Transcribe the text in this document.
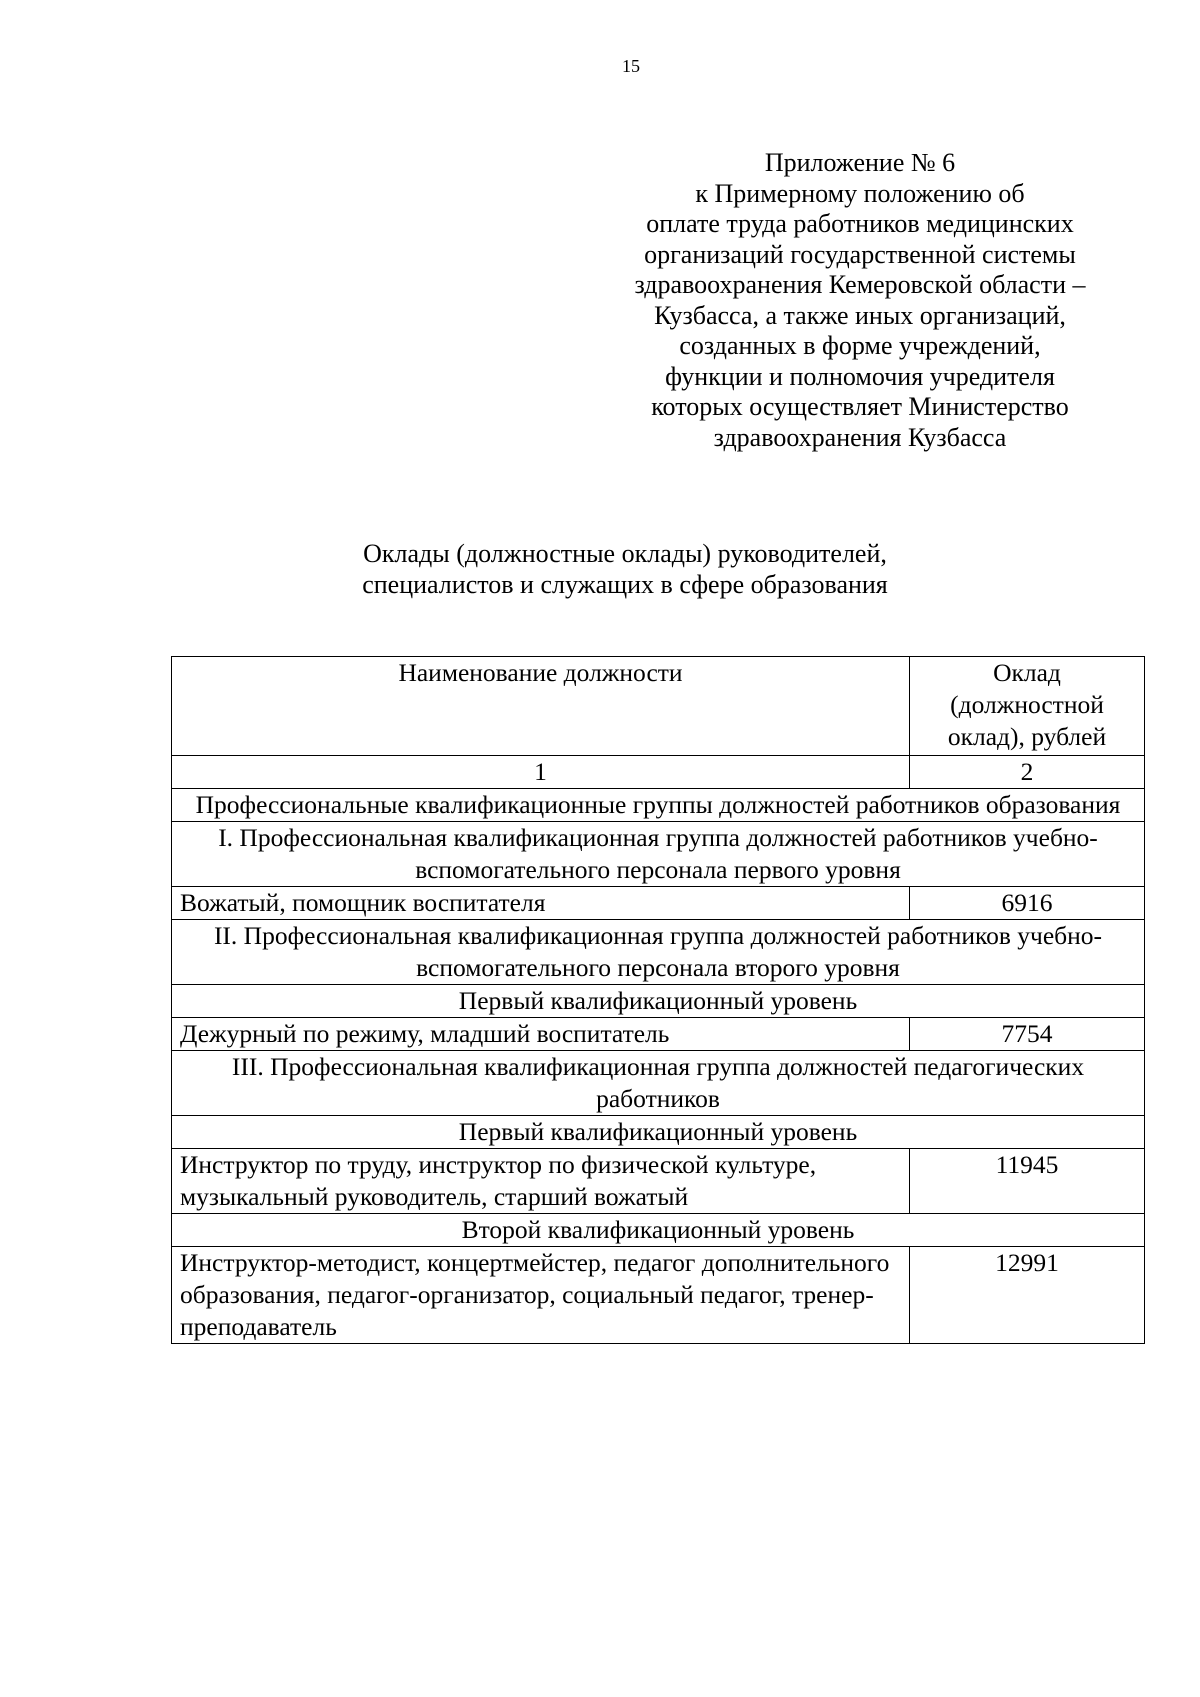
15
Приложение № 6
к Примерному положению об
оплате труда работников медицинских
организаций государственной системы
здравоохранения Кемеровской области –
Кузбасса, а также иных организаций,
созданных в форме учреждений,
функции и полномочия учредителя
которых осуществляет Министерство
здравоохранения Кузбасса
Оклады (должностные оклады) руководителей,
специалистов и служащих в сфере образования
Наименование должности	Оклад (должностной оклад), рублей
1	2
Профессиональные квалификационные группы должностей работников образования	
I. Профессиональная квалификационная группа должностей работников учебно-вспомогательного персонала первого уровня	
Вожатый, помощник воспитателя	6916
II. Профессиональная квалификационная группа должностей работников учебно-вспомогательного персонала второго уровня	
Первый квалификационный уровень	
Дежурный по режиму, младший воспитатель	7754
III. Профессиональная квалификационная группа должностей педагогических работников	
Первый квалификационный уровень	
Инструктор по труду, инструктор по физической культуре, музыкальный руководитель, старший вожатый	11945
Второй квалификационный уровень	
Инструктор-методист, концертмейстер, педагог дополнительного образования, педагог-организатор, социальный педагог, тренер-преподаватель	12991
